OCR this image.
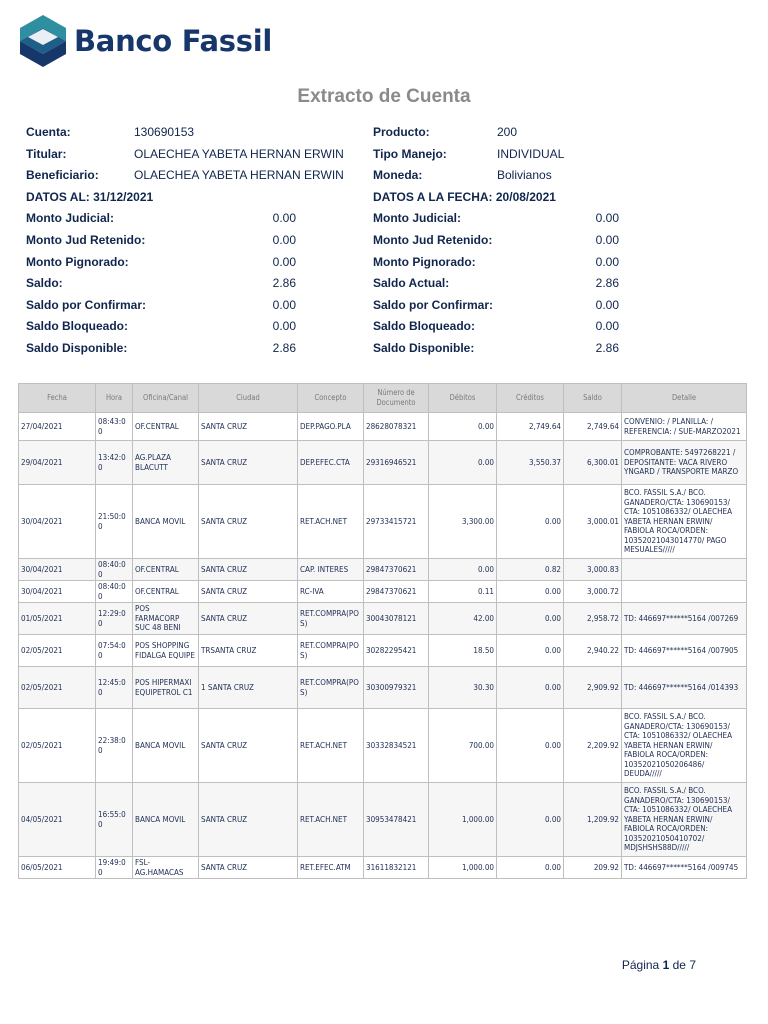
Banco Fassil
Extracto de Cuenta
Cuenta:	130690153
Titular:	OLAECHEA YABETA HERNAN ERWIN
Beneficiario:	OLAECHEA YABETA HERNAN ERWIN
DATOS AL: 31/12/2021
Monto Judicial:	0.00
Monto Jud Retenido:	0.00
Monto Pignorado:	0.00
Saldo:	2.86
Saldo por Confirmar:	0.00
Saldo Bloqueado:	0.00
Saldo Disponible:	2.86
Producto:	200
Tipo Manejo:	INDIVIDUAL
Moneda:	Bolivianos
DATOS A LA FECHA: 20/08/2021
Monto Judicial:	0.00
Monto Jud Retenido:	0.00
Monto Pignorado:	0.00
Saldo Actual:	2.86
Saldo por Confirmar:	0.00
Saldo Bloqueado:	0.00
Saldo Disponible:	2.86
Fecha	Hora	Oficina/Canal	Ciudad	Concepto	Número de Documento	Débitos	Créditos	Saldo	Detalle
27/04/2021	08:43:00	OF.CENTRAL	SANTA CRUZ	DEP.PAGO.PLA	28628078321	0.00	2,749.64	2,749.64	CONVENIO: / PLANILLA: / REFERENCIA: / SUE-MARZO2021
29/04/2021	13:42:00	AG.PLAZA BLACUTT	SANTA CRUZ	DEP.EFEC.CTA	29316946521	0.00	3,550.37	6,300.01	COMPROBANTE: 5497268221 / DEPOSITANTE: VACA RIVERO YNGARD / TRANSPORTE MARZO
30/04/2021	21:50:00	BANCA MOVIL	SANTA CRUZ	RET.ACH.NET	29733415721	3,300.00	0.00	3,000.01	BCO. FASSIL S.A./ BCO. GANADERO/CTA: 130690153/ CTA: 1051086332/ OLAECHEA YABETA HERNAN ERWIN/ FABIOLA ROCA/ORDEN: 10352021043014770/ PAGO MESUALES/////
30/04/2021	08:40:00	OF.CENTRAL	SANTA CRUZ	CAP. INTERES	29847370621	0.00	0.82	3,000.83	
30/04/2021	08:40:00	OF.CENTRAL	SANTA CRUZ	RC-IVA	29847370621	0.11	0.00	3,000.72	
01/05/2021	12:29:00	POS FARMACORP SUC 48 BENI	SANTA CRUZ	RET.COMPRA(POS)	30043078121	42.00	0.00	2,958.72	TD: 446697******5164 /007269
02/05/2021	07:54:00	POS SHOPPING FIDALGA EQUIPE	TRSANTA CRUZ	RET.COMPRA(POS)	30282295421	18.50	0.00	2,940.22	TD: 446697******5164 /007905
02/05/2021	12:45:00	POS HIPERMAXI EQUIPETROL C1	1 SANTA CRUZ	RET.COMPRA(POS)	30300979321	30.30	0.00	2,909.92	TD: 446697******5164 /014393
02/05/2021	22:38:00	BANCA MOVIL	SANTA CRUZ	RET.ACH.NET	30332834521	700.00	0.00	2,209.92	BCO. FASSIL S.A./ BCO. GANADERO/CTA: 130690153/ CTA: 1051086332/ OLAECHEA YABETA HERNAN ERWIN/ FABIOLA ROCA/ORDEN: 10352021050206486/ DEUDA/////
04/05/2021	16:55:00	BANCA MOVIL	SANTA CRUZ	RET.ACH.NET	30953478421	1,000.00	0.00	1,209.92	BCO. FASSIL S.A./ BCO. GANADERO/CTA: 130690153/ CTA: 1051086332/ OLAECHEA YABETA HERNAN ERWIN/ FABIOLA ROCA/ORDEN: 10352021050410702/ MDJSHSHS88D/////
06/05/2021	19:49:00	FSL-AG.HAMACAS	SANTA CRUZ	RET.EFEC.ATM	31611832121	1,000.00	0.00	209.92	TD: 446697******5164 /009745
Página 1 de 7
